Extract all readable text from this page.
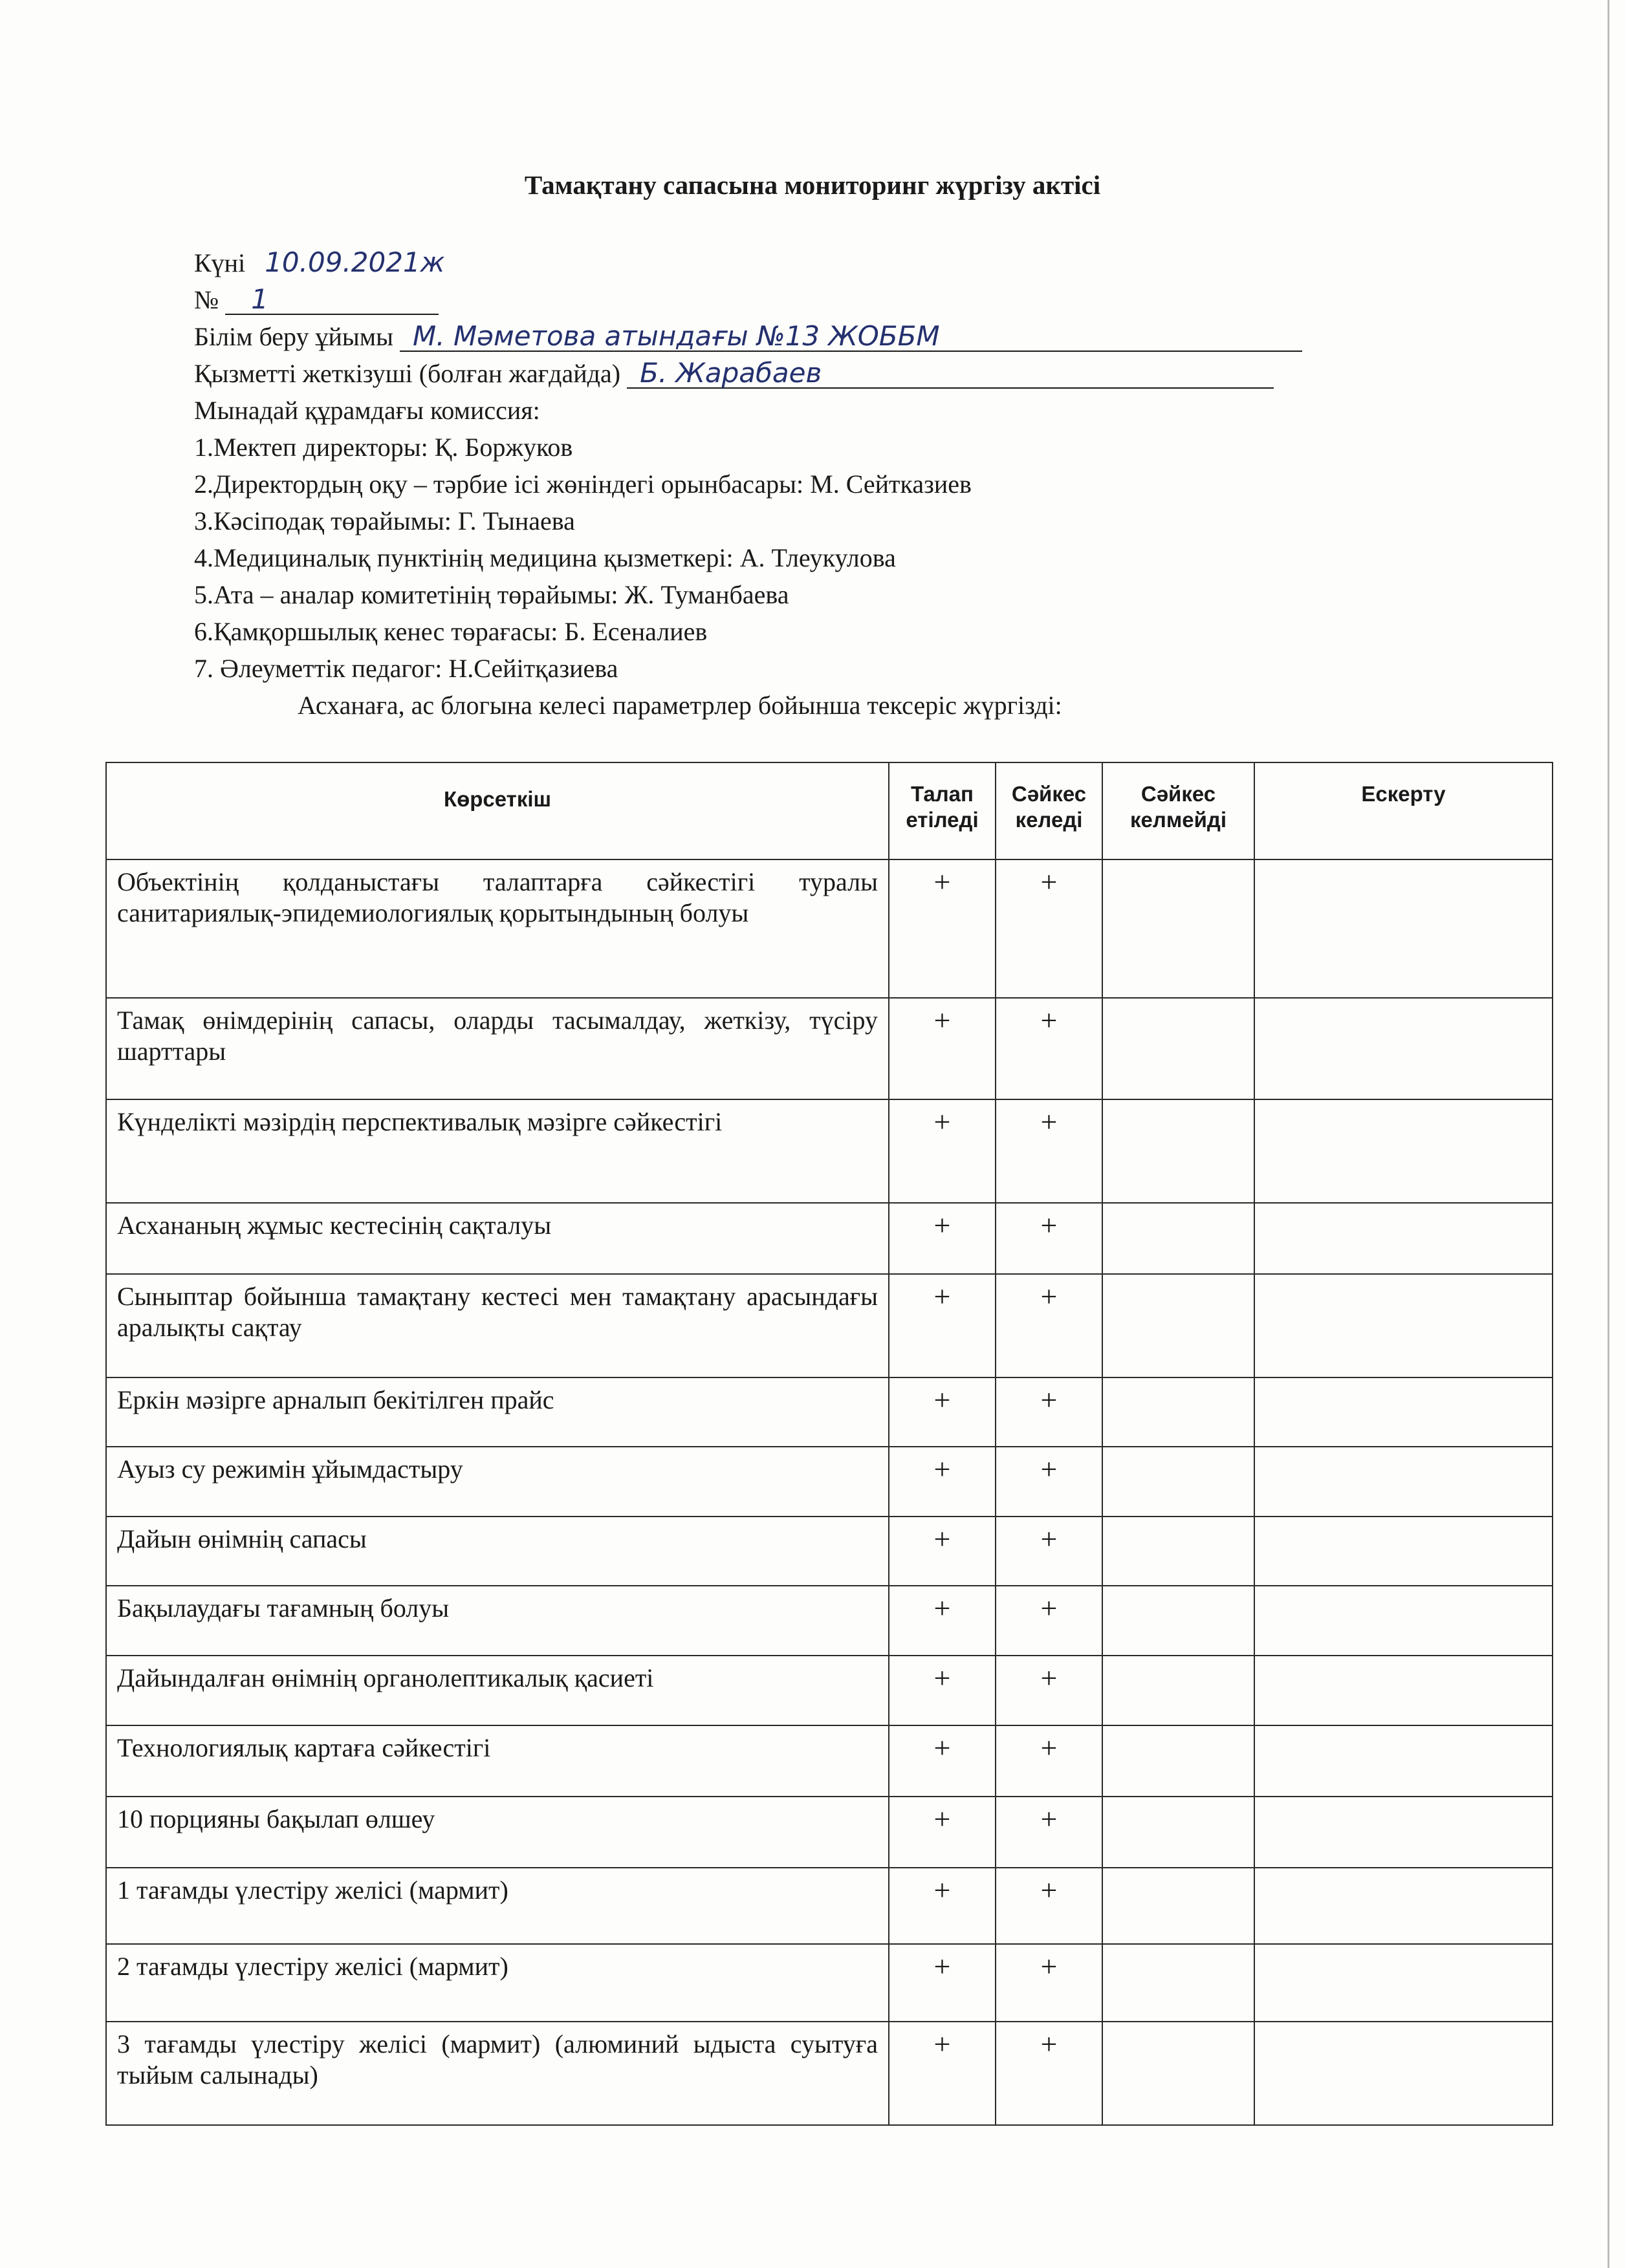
Тамақтану сапасына мониторинг жүргізу актісі
Күні 10.09.2021ж
№ 1
Білім беру ұйымы М. Мәметова атындағы №13 ЖОББМ
Қызметті жеткізуші (болған жағдайда) Б. Жарабаев
Мынадай құрамдағы комиссия:
1.Мектеп директоры: Қ. Боржуков
2.Директордың оқу – тәрбие ісі жөніндегі орынбасары: М. Сейтказиев
3.Кәсіподақ төрайымы: Г. Тынаева
4.Медициналық пунктінің медицина қызметкері: А. Тлеукулова
5.Ата – аналар комитетінің төрайымы: Ж. Туманбаева
6.Қамқоршылық кенес төрағасы: Б. Есеналиев
7. Әлеуметтік педагог: Н.Сейітқазиева
Асханаға, ас блогына келесі параметрлер бойынша тексеріс жүргізді:
Көрсеткіш	Талап етіледі	Сәйкес келеді	Сәйкес келмейді	Ескерту
Объектінің қолданыстағы талаптарға сәйкестігі туралы санитариялық-эпидемиологиялық қорытындының болуы	+	+		
Тамақ өнімдерінің сапасы, оларды тасымалдау, жеткізу, түсіру шарттары	+	+		
Күнделікті мәзірдің перспективалық мәзірге сәйкестігі	+	+		
Асхананың жұмыс кестесінің сақталуы	+	+		
Сыныптар бойынша тамақтану кестесі мен тамақтану арасындағы аралықты сақтау	+	+		
Еркін мәзірге арналып бекітілген прайс	+	+		
Ауыз су режимін ұйымдастыру	+	+		
Дайын өнімнің сапасы	+	+		
Бақылаудағы тағамның болуы	+	+		
Дайындалған өнімнің органолептикалық қасиеті	+	+		
Технологиялық картаға сәйкестігі	+	+		
10 порцияны бақылап өлшеу	+	+		
1 тағамды үлестіру желісі (мармит)	+	+		
2 тағамды үлестіру желісі (мармит)	+	+		
3 тағамды үлестіру желісі (мармит) (алюминий ыдыста суытуға тыйым салынады)	+	+		
